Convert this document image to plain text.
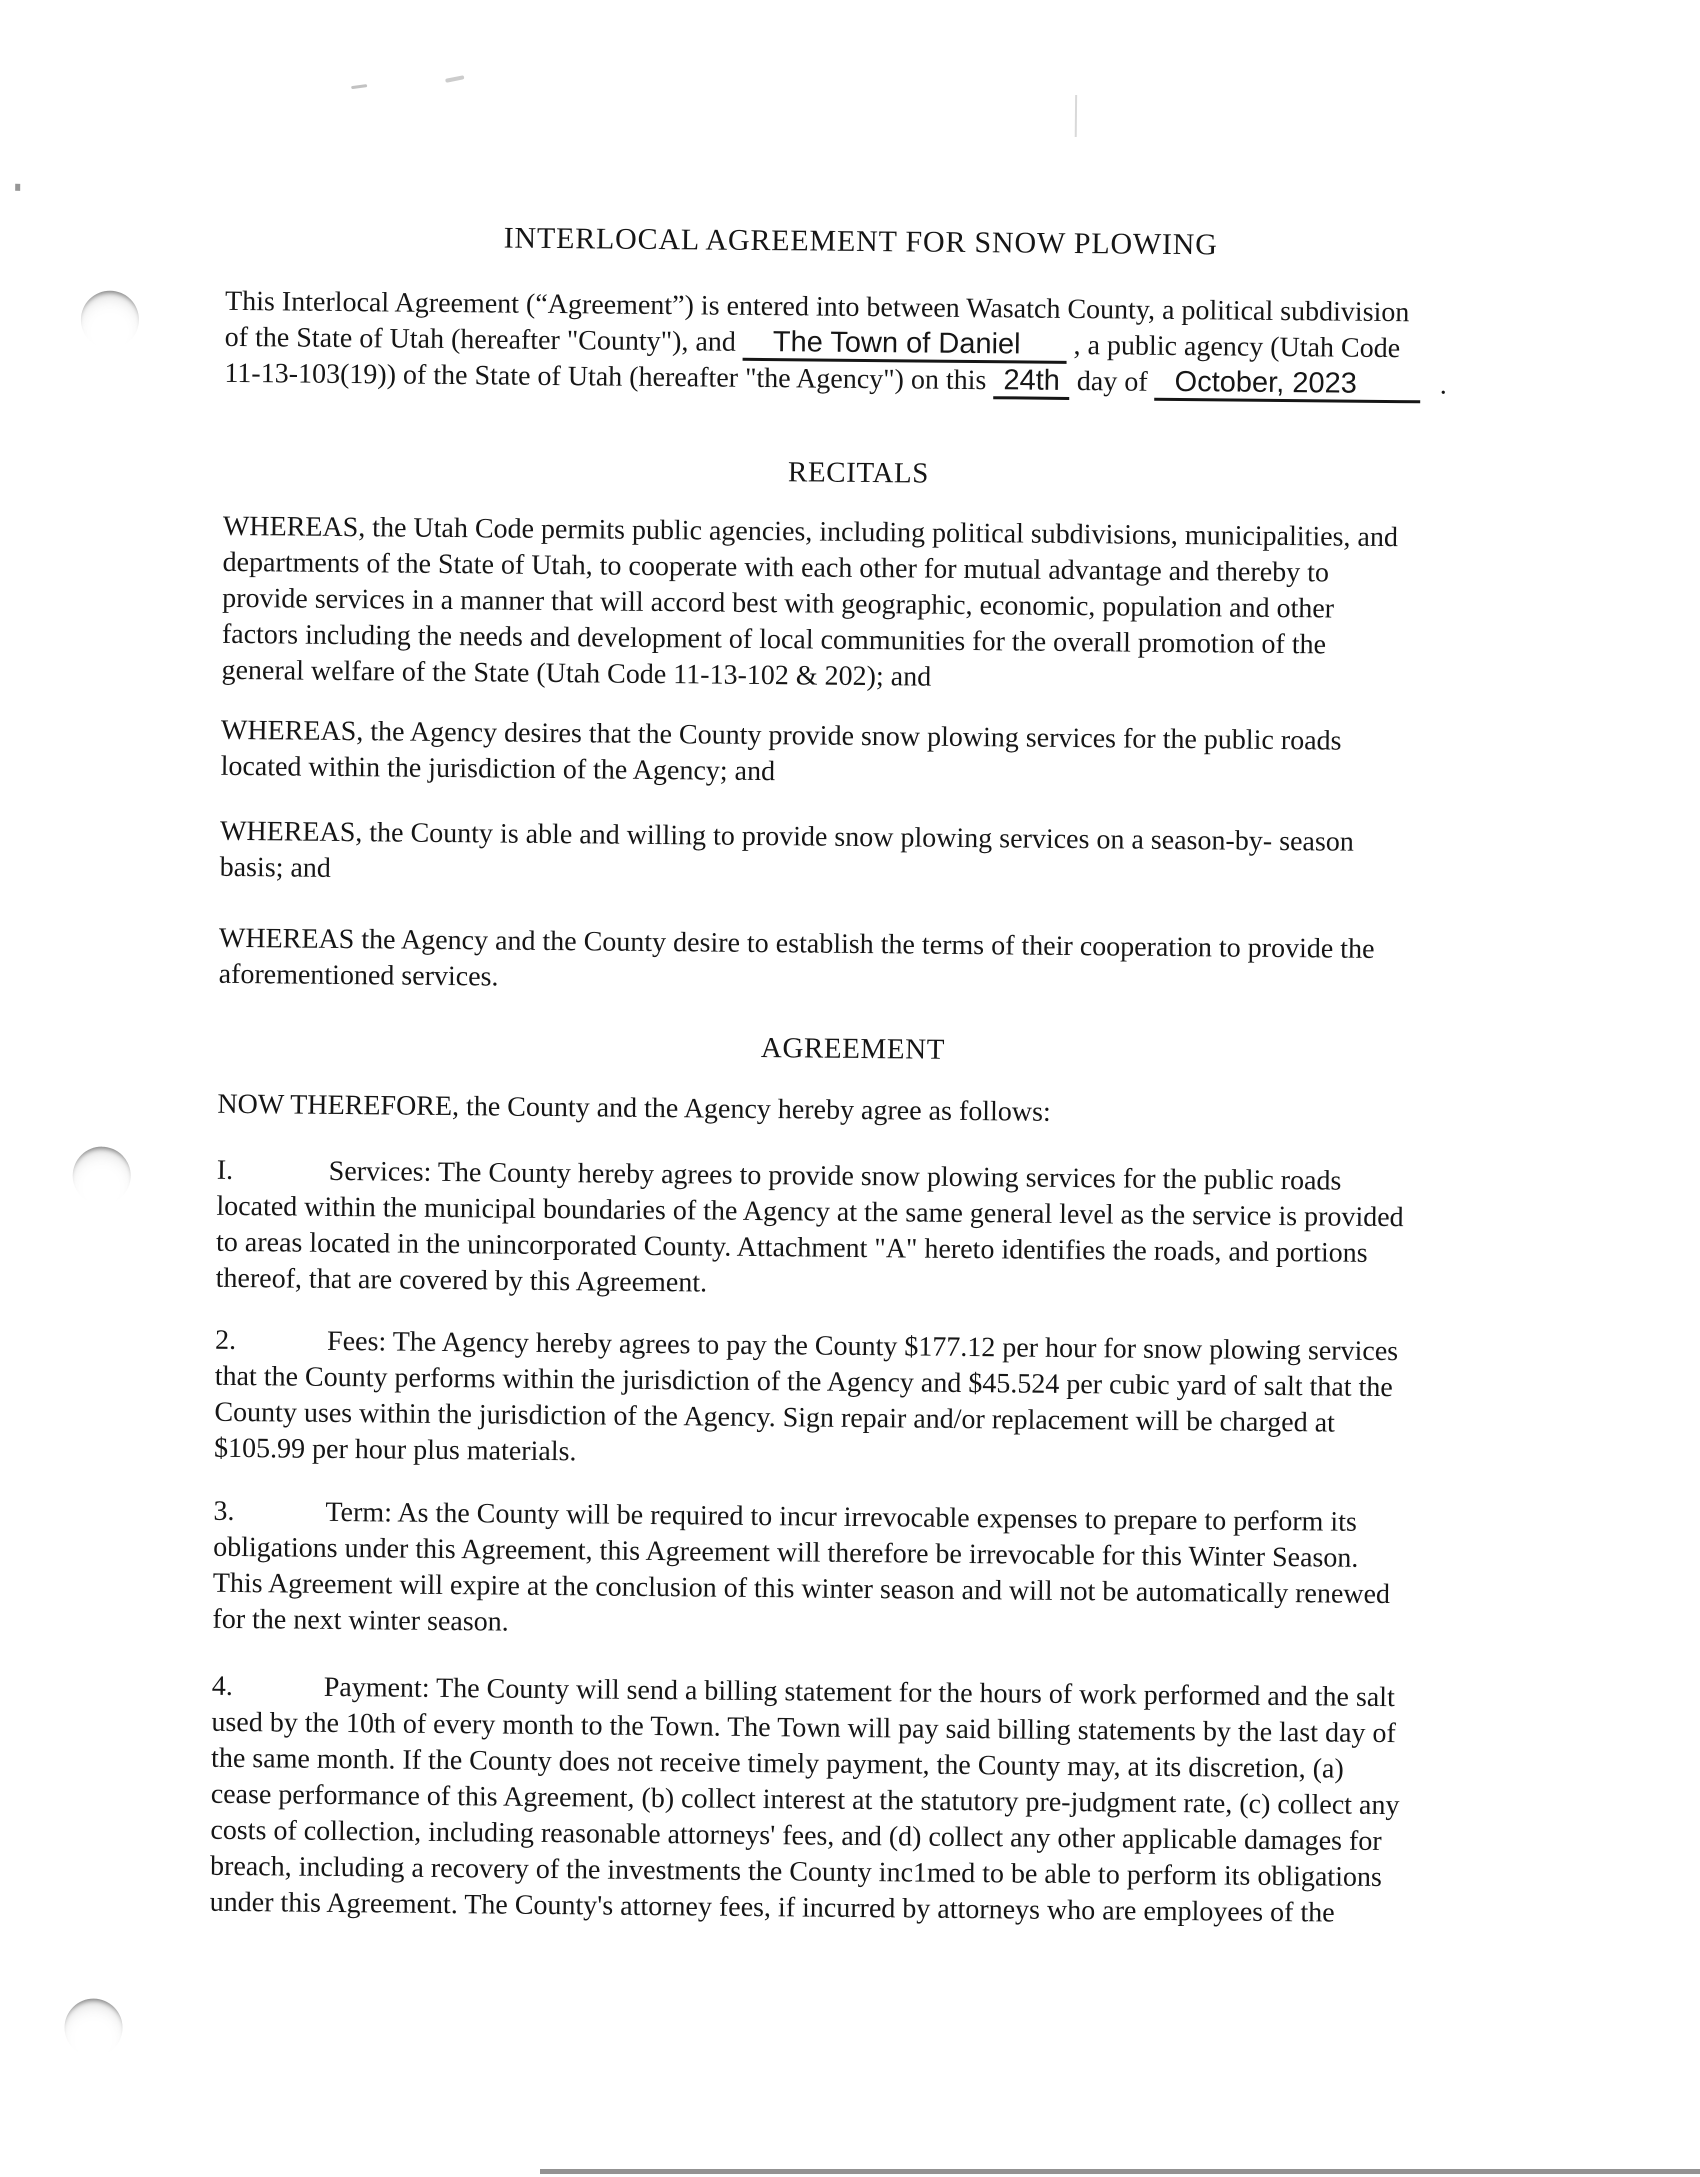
INTERLOCAL AGREEMENT FOR SNOW PLOWING
This Interlocal Agreement (“Agreement”) is entered into between Wasatch County, a political subdivision
of the State of Utah (hereafter "County"), and The Town of Daniel , a public agency (Utah Code
11-13-103(19)) of the State of Utah (hereafter "the Agency") on this 24th day of October, 2023	.
RECITALS
WHEREAS, the Utah Code permits public agencies, including political subdivisions, municipalities, and
departments of the State of Utah, to cooperate with each other for mutual advantage and thereby to
provide services in a manner that will accord best with geographic, economic, population and other
factors including the needs and development of local communities for the overall promotion of the
general welfare of the State (Utah Code 11-13-102 & 202); and
WHEREAS, the Agency desires that the County provide snow plowing services for the public roads
located within the jurisdiction of the Agency; and
WHEREAS, the County is able and willing to provide snow plowing services on a season-by- season
basis; and
WHEREAS the Agency and the County desire to establish the terms of their cooperation to provide the
aforementioned services.
AGREEMENT
NOW THEREFORE, the County and the Agency hereby agree as follows:
I.	Services: The County hereby agrees to provide snow plowing services for the public roads
located within the municipal boundaries of the Agency at the same general level as the service is provided
to areas located in the unincorporated County. Attachment "A" hereto identifies the roads, and portions
thereof, that are covered by this Agreement.
2.	Fees: The Agency hereby agrees to pay the County $177.12 per hour for snow plowing services
that the County performs within the jurisdiction of the Agency and $45.524 per cubic yard of salt that the
County uses within the jurisdiction of the Agency. Sign repair and/or replacement will be charged at
$105.99 per hour plus materials.
3.	Term: As the County will be required to incur irrevocable expenses to prepare to perform its
obligations under this Agreement, this Agreement will therefore be irrevocable for this Winter Season.
This Agreement will expire at the conclusion of this winter season and will not be automatically renewed
for the next winter season.
4.	Payment: The County will send a billing statement for the hours of work performed and the salt
used by the 10th of every month to the Town. The Town will pay said billing statements by the last day of
the same month. If the County does not receive timely payment, the County may, at its discretion, (a)
cease performance of this Agreement, (b) collect interest at the statutory pre-judgment rate, (c) collect any
costs of collection, including reasonable attorneys' fees, and (d) collect any other applicable damages for
breach, including a recovery of the investments the County inc1med to be able to perform its obligations
under this Agreement. The County's attorney fees, if incurred by attorneys who are employees of the
